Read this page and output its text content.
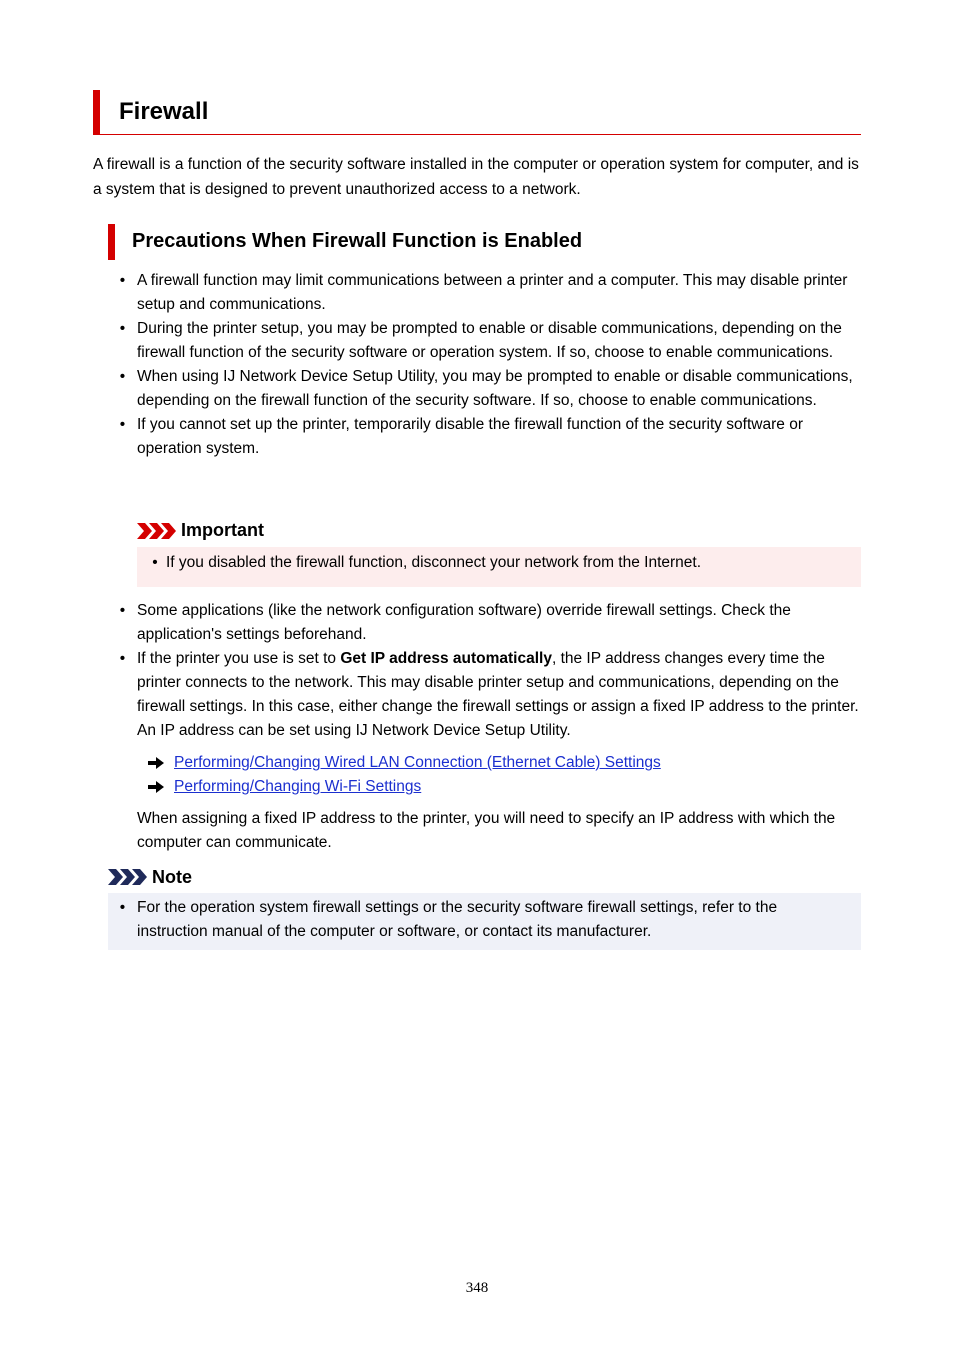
Firewall
A firewall is a function of the security software installed in the computer or operation system for computer, and is a system that is designed to prevent unauthorized access to a network.
Precautions When Firewall Function is Enabled
• A firewall function may limit communications between a printer and a computer. This may disable printer setup and communications.
• During the printer setup, you may be prompted to enable or disable communications, depending on the firewall function of the security software or operation system. If so, choose to enable communications.
• When using IJ Network Device Setup Utility, you may be prompted to enable or disable communications, depending on the firewall function of the security software. If so, choose to enable communications.
• If you cannot set up the printer, temporarily disable the firewall function of the security software or operation system.
Important
• If you disabled the firewall function, disconnect your network from the Internet.
• Some applications (like the network configuration software) override firewall settings. Check the application's settings beforehand.
• If the printer you use is set to Get IP address automatically, the IP address changes every time the printer connects to the network. This may disable printer setup and communications, depending on the firewall settings. In this case, either change the firewall settings or assign a fixed IP address to the printer. An IP address can be set using IJ Network Device Setup Utility.
Performing/Changing Wired LAN Connection (Ethernet Cable) Settings
Performing/Changing Wi-Fi Settings
When assigning a fixed IP address to the printer, you will need to specify an IP address with which the computer can communicate.
Note
• For the operation system firewall settings or the security software firewall settings, refer to the instruction manual of the computer or software, or contact its manufacturer.
348
